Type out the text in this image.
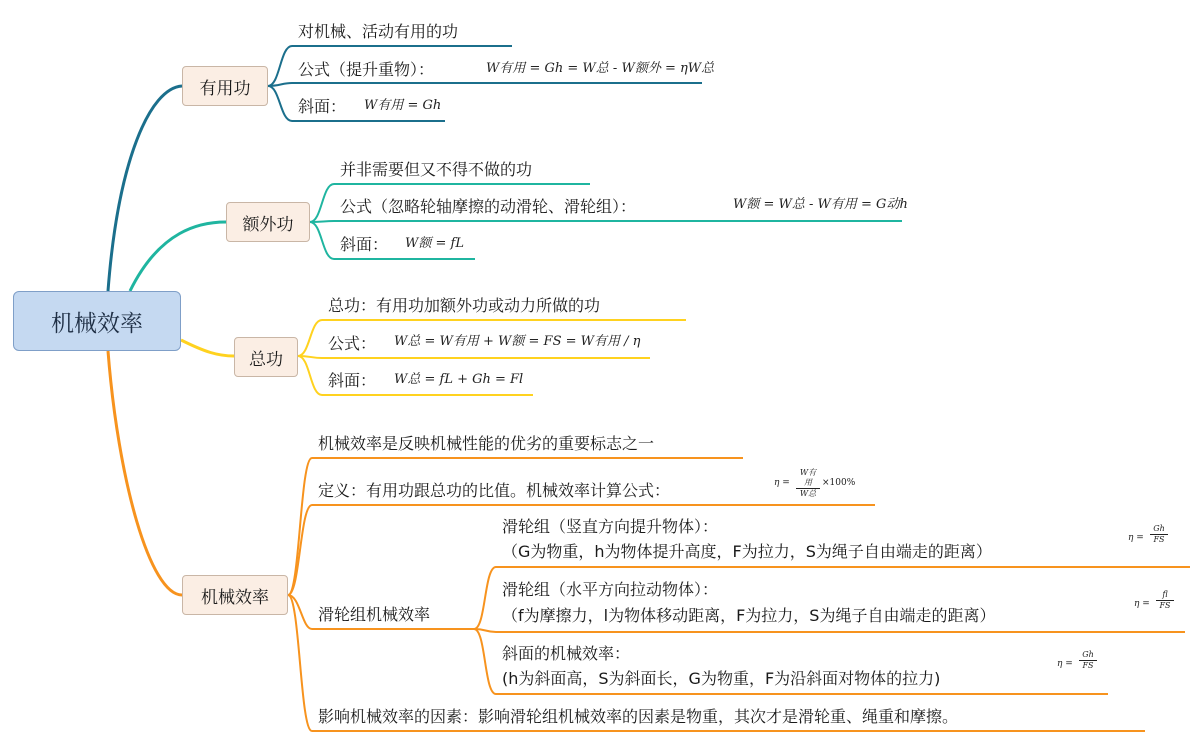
机械效率
有用功
额外功
总功
机械效率
对机械、活动有用的功
公式（提升重物）：	W有用 = Gh = W总 - W额外 = ηW总
斜面： W有用 = Gh
并非需要但又不得不做的功
公式（忽略轮轴摩擦的动滑轮、滑轮组）：	W额 = W总 - W有用 = G动h
斜面： W额 = fL
总功：有用功加额外功或动力所做的功
公式： W总 = W有用 + W额 = FS = W有用 / η
斜面： W总 = fL + Gh = Fl
机械效率是反映机械性能的优劣的重要标志之一
定义：有用功跟总功的比值。机械效率计算公式：	η =
W有用
W总
×100%
滑轮组机械效率
滑轮组（竖直方向提升物体）：
（G为物重，h为物体提升高度，F为拉力，S为绳子自由端走的距离）
$\eta = \frac{Gh}{FS}$
滑轮组（水平方向拉动物体）：
（f为摩擦力，l为物体移动距离，F为拉力，S为绳子自由端走的距离）
$\eta = \frac{fl}{FS}$
斜面的机械效率：
(h为斜面高，S为斜面长，G为物重，F为沿斜面对物体的拉力)
$\eta = \frac{Gh}{FS}$
影响机械效率的因素：影响滑轮组机械效率的因素是物重，其次才是滑轮重、绳重和摩擦。
